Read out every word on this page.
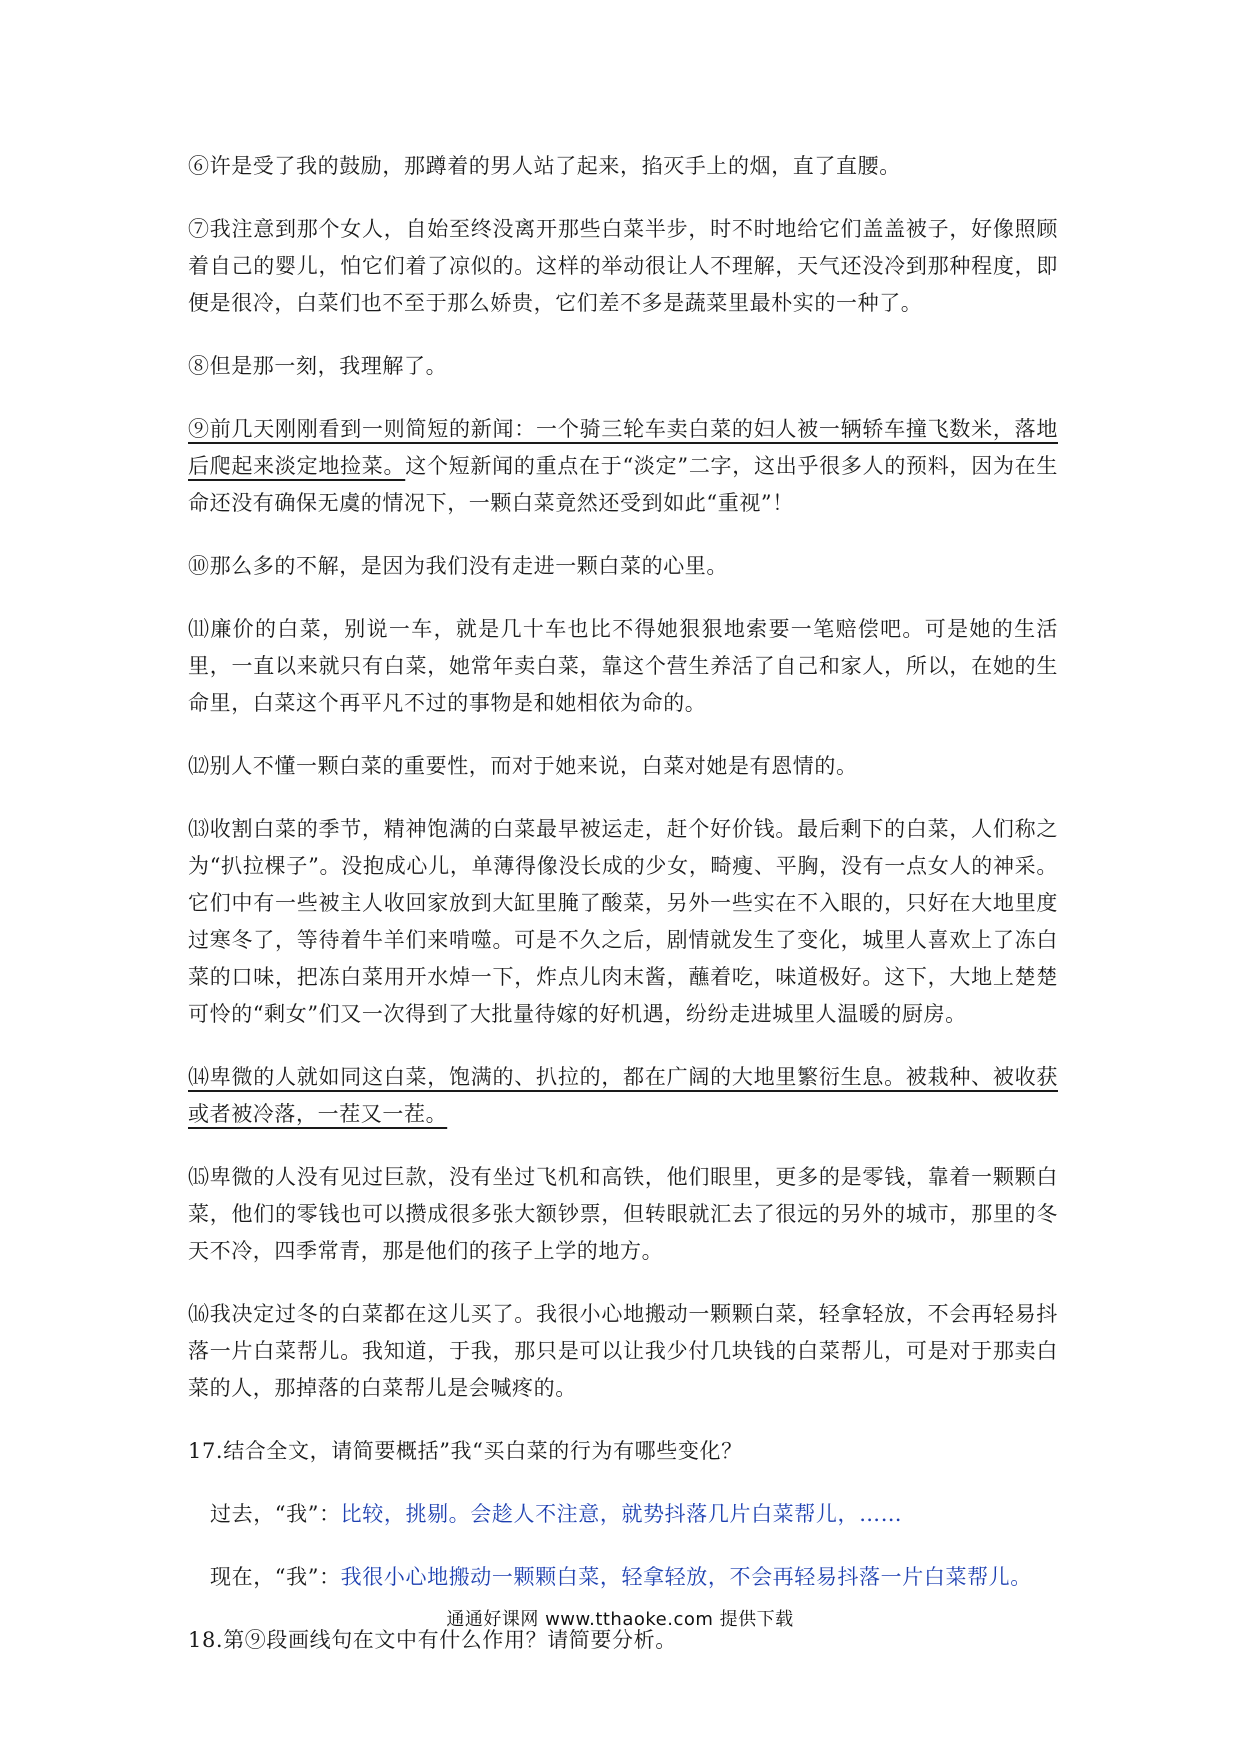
⑥许是受了我的鼓励，那蹲着的男人站了起来，掐灭手上的烟，直了直腰。

⑦我注意到那个女人，自始至终没离开那些白菜半步，时不时地给它们盖盖被子，好像照顾着自己的婴儿，怕它们着了凉似的。这样的举动很让人不理解，天气还没冷到那种程度，即便是很冷，白菜们也不至于那么娇贵，它们差不多是蔬菜里最朴实的一种了。

⑧但是那一刻，我理解了。

⑨前几天刚刚看到一则简短的新闻：一个骑三轮车卖白菜的妇人被一辆轿车撞飞数米，落地后爬起来淡定地捡菜。这个短新闻的重点在于“淡定”二字，这出乎很多人的预料，因为在生命还没有确保无虞的情况下，一颗白菜竟然还受到如此“重视”！

⑩那么多的不解，是因为我们没有走进一颗白菜的心里。

⑾廉价的白菜，别说一车，就是几十车也比不得她狠狠地索要一笔赔偿吧。可是她的生活里，一直以来就只有白菜，她常年卖白菜，靠这个营生养活了自己和家人，所以，在她的生命里，白菜这个再平凡不过的事物是和她相依为命的。

⑿别人不懂一颗白菜的重要性，而对于她来说，白菜对她是有恩情的。

⒀收割白菜的季节，精神饱满的白菜最早被运走，赶个好价钱。最后剩下的白菜，人们称之为“扒拉棵子”。没抱成心儿，单薄得像没长成的少女，畸瘦、平胸，没有一点女人的神采。它们中有一些被主人收回家放到大缸里腌了酸菜，另外一些实在不入眼的，只好在大地里度过寒冬了，等待着牛羊们来啃噬。可是不久之后，剧情就发生了变化，城里人喜欢上了冻白菜的口味，把冻白菜用开水焯一下，炸点儿肉末酱，蘸着吃，味道极好。这下，大地上楚楚可怜的“剩女”们又一次得到了大批量待嫁的好机遇，纷纷走进城里人温暖的厨房。

⒁卑微的人就如同这白菜，饱满的、扒拉的，都在广阔的大地里繁衍生息。被栽种、被收获或者被冷落，一茬又一茬。

⒂卑微的人没有见过巨款，没有坐过飞机和高铁，他们眼里，更多的是零钱，靠着一颗颗白菜，他们的零钱也可以攒成很多张大额钞票，但转眼就汇去了很远的另外的城市，那里的冬天不冷，四季常青，那是他们的孩子上学的地方。

⒃我决定过冬的白菜都在这儿买了。我很小心地搬动一颗颗白菜，轻拿轻放，不会再轻易抖落一片白菜帮儿。我知道，于我，那只是可以让我少付几块钱的白菜帮儿，可是对于那卖白菜的人，那掉落的白菜帮儿是会喊疼的。

17.结合全文，请简要概括”我“买白菜的行为有哪些变化？

过去，“我”：比较，挑剔。会趁人不注意，就势抖落几片白菜帮儿，……

现在，“我”：我很小心地搬动一颗颗白菜，轻拿轻放，不会再轻易抖落一片白菜帮儿。

18.第⑨段画线句在文中有什么作用？请简要分析。

通通好课网 www.tthaoke.com 提供下载
